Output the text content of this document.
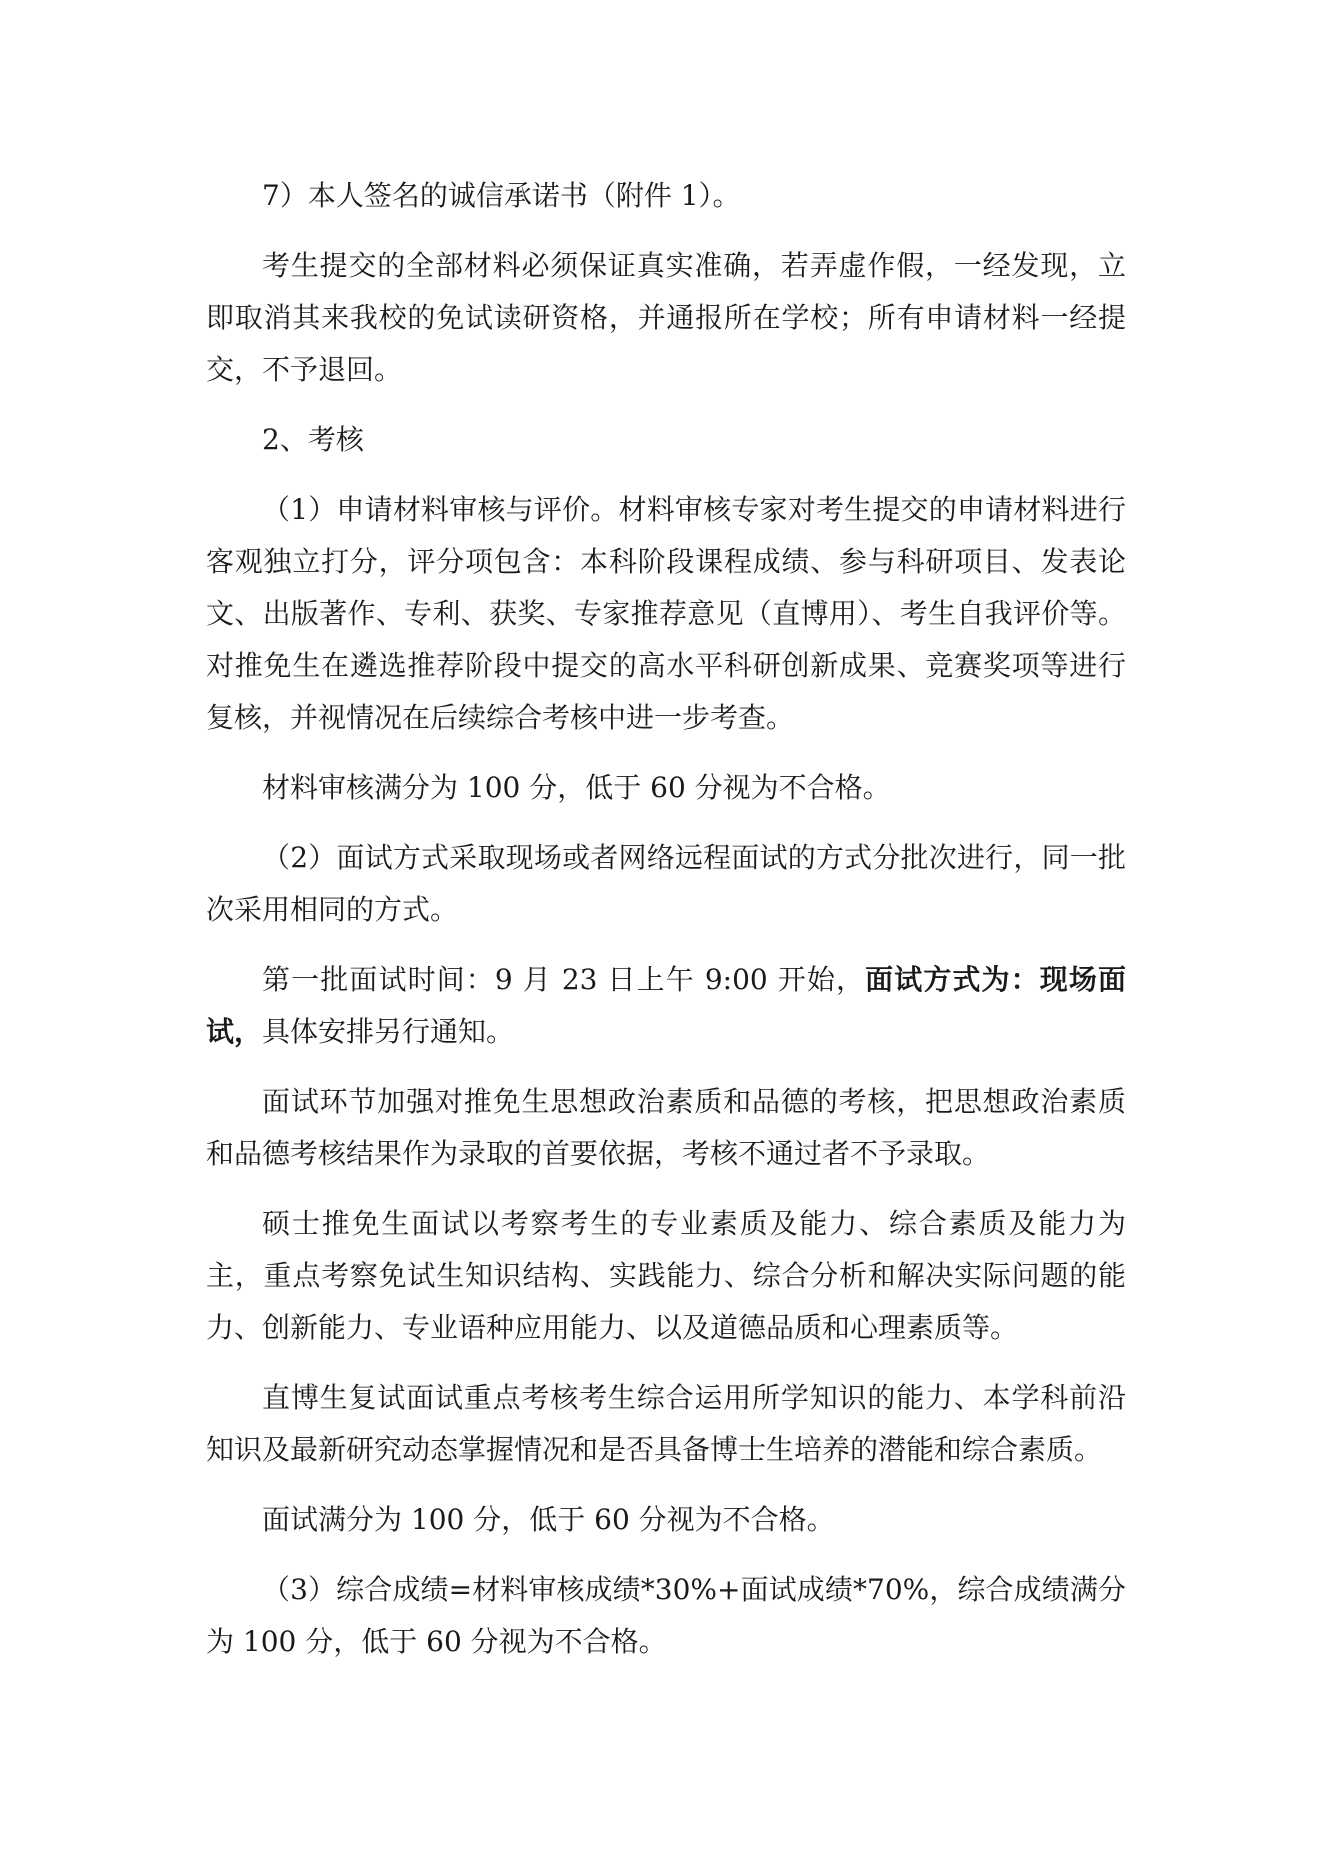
7）本人签名的诚信承诺书（附件 1）。

考生提交的全部材料必须保证真实准确，若弄虚作假，一经发现，立即取消其来我校的免试读研资格，并通报所在学校；所有申请材料一经提交，不予退回。

2、考核

（1）申请材料审核与评价。材料审核专家对考生提交的申请材料进行客观独立打分，评分项包含：本科阶段课程成绩、参与科研项目、发表论文、出版著作、专利、获奖、专家推荐意见（直博用）、考生自我评价等。对推免生在遴选推荐阶段中提交的高水平科研创新成果、竞赛奖项等进行复核，并视情况在后续综合考核中进一步考查。

材料审核满分为 100 分，低于 60 分视为不合格。

（2）面试方式采取现场或者网络远程面试的方式分批次进行，同一批次采用相同的方式。

第一批面试时间：9 月 23 日上午 9:00 开始，面试方式为：现场面试，具体安排另行通知。

面试环节加强对推免生思想政治素质和品德的考核，把思想政治素质和品德考核结果作为录取的首要依据，考核不通过者不予录取。

硕士推免生面试以考察考生的专业素质及能力、综合素质及能力为主，重点考察免试生知识结构、实践能力、综合分析和解决实际问题的能力、创新能力、专业语种应用能力、以及道德品质和心理素质等。

直博生复试面试重点考核考生综合运用所学知识的能力、本学科前沿知识及最新研究动态掌握情况和是否具备博士生培养的潜能和综合素质。

面试满分为 100 分，低于 60 分视为不合格。

（3）综合成绩=材料审核成绩*30%+面试成绩*70%，综合成绩满分为 100 分，低于 60 分视为不合格。
